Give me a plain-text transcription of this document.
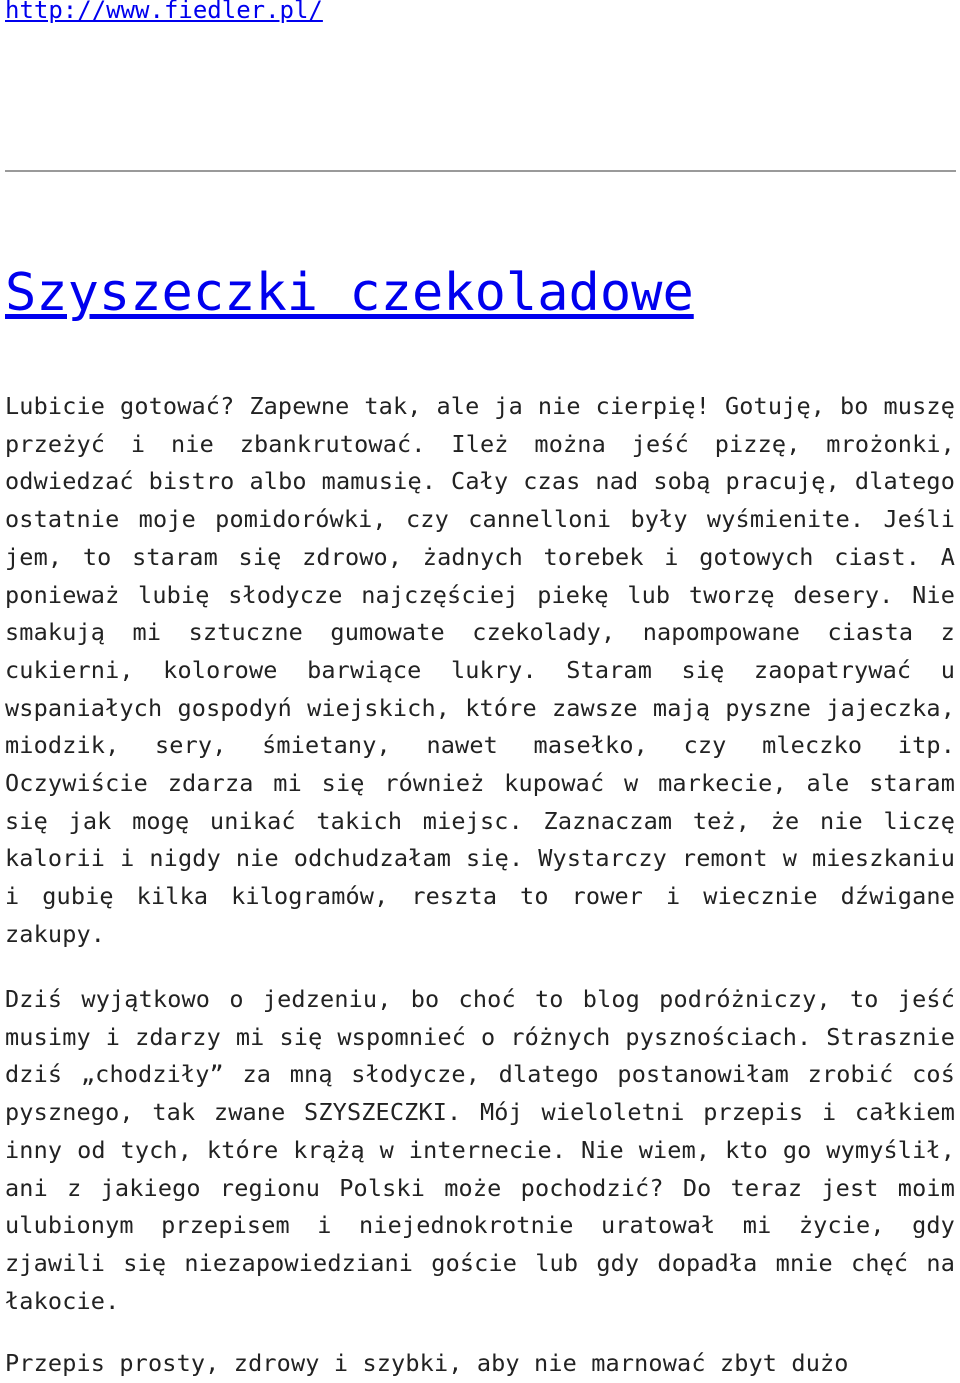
http://www.fiedler.pl/
Szyszeczki czekoladowe

Lubicie gotować? Zapewne tak, ale ja nie cierpię! Gotuję, bo muszę przeżyć i nie zbankrutować. Ileż można jeść pizzę, mrożonki, odwiedzać bistro albo mamusię. Cały czas nad sobą pracuję, dlatego ostatnie moje pomidorówki, czy cannelloni były wyśmienite. Jeśli jem, to staram się zdrowo, żadnych torebek i gotowych ciast. A ponieważ lubię słodycze najczęściej piekę lub tworzę desery. Nie smakują mi sztuczne gumowate czekolady, napompowane ciasta z cukierni, kolorowe barwiące lukry. Staram się zaopatrywać u wspaniałych gospodyń wiejskich, które zawsze mają pyszne jajeczka, miodzik, sery, śmietany, nawet masełko, czy mleczko itp. Oczywiście zdarza mi się również kupować w markecie, ale staram się jak mogę unikać takich miejsc. Zaznaczam też, że nie liczę kalorii i nigdy nie odchudzałam się. Wystarczy remont w mieszkaniu i gubię kilka kilogramów, reszta to rower i wiecznie dźwigane zakupy.

Dziś wyjątkowo o jedzeniu, bo choć to blog podróżniczy, to jeść musimy i zdarzy mi się wspomnieć o różnych pysznościach. Strasznie dziś „chodziły” za mną słodycze, dlatego postanowiłam zrobić coś pysznego, tak zwane SZYSZECZKI. Mój wieloletni przepis i całkiem inny od tych, które krążą w internecie. Nie wiem, kto go wymyślił, ani z jakiego regionu Polski może pochodzić? Do teraz jest moim ulubionym przepisem i niejednokrotnie uratował mi życie, gdy zjawili się niezapowiedziani goście lub gdy dopadła mnie chęć na łakocie.

Przepis prosty, zdrowy i szybki, aby nie marnować zbyt dużo
